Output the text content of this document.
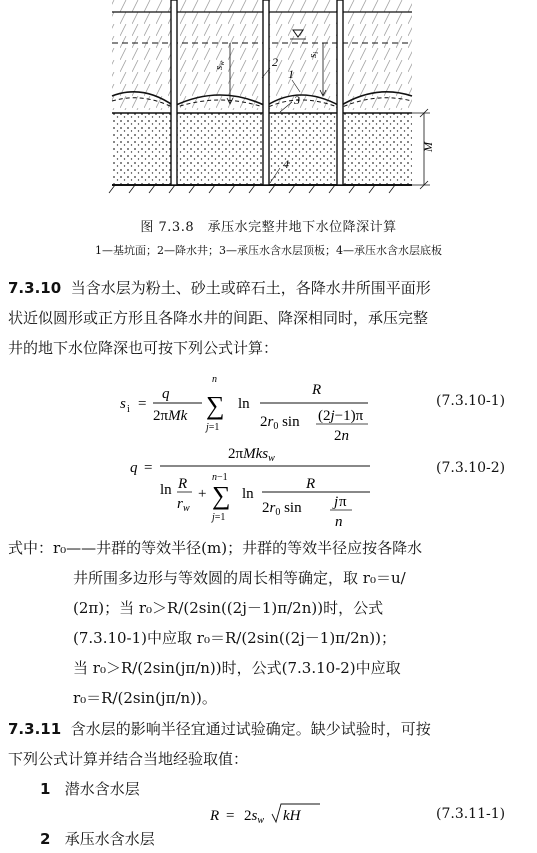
sw
si
2
1
3
4
M
图 7.3.8　承压水完整井地下水位降深计算
1—基坑面；2—降水井；3—承压水含水层顶板；4—承压水含水层底板
7.3.10 当含水层为粉土、砂土或碎石土，各降水井所围平面形
状近似圆形或正方形且各降水井的间距、降深相同时，承压完整
井的地下水位降深也可按下列公式计算：
s i =
q
2πMk
n
∑
j=1
ln
R
$2r_0$ sin (2j−1)π
2n
(7.3.10-1)
q =
2πMks$_w$
ln R
r w
+
n−1
∑
j=1
ln
R
$2r_0$ sin j π
n
(7.3.10-2)
式中：r₀——井群的等效半径(m)；井群的等效半径应按各降水
井所围多边形与等效圆的周长相等确定，取 r₀＝u/
(2π)；当 r₀＞R/(2sin((2j－1)π/2n))时，公式
(7.3.10-1)中应取 r₀＝R/(2sin((2j－1)π/2n))；
当 r₀＞R/(2sin(jπ/n))时，公式(7.3.10-2)中应取
r₀＝R/(2sin(jπ/n))。
7.3.11 含水层的影响半径宜通过试验确定。缺少试验时，可按
下列公式计算并结合当地经验取值：
1 潜水含水层
$R = 2s_w$ kH	(7.3.11-1)
2 承压水含水层
